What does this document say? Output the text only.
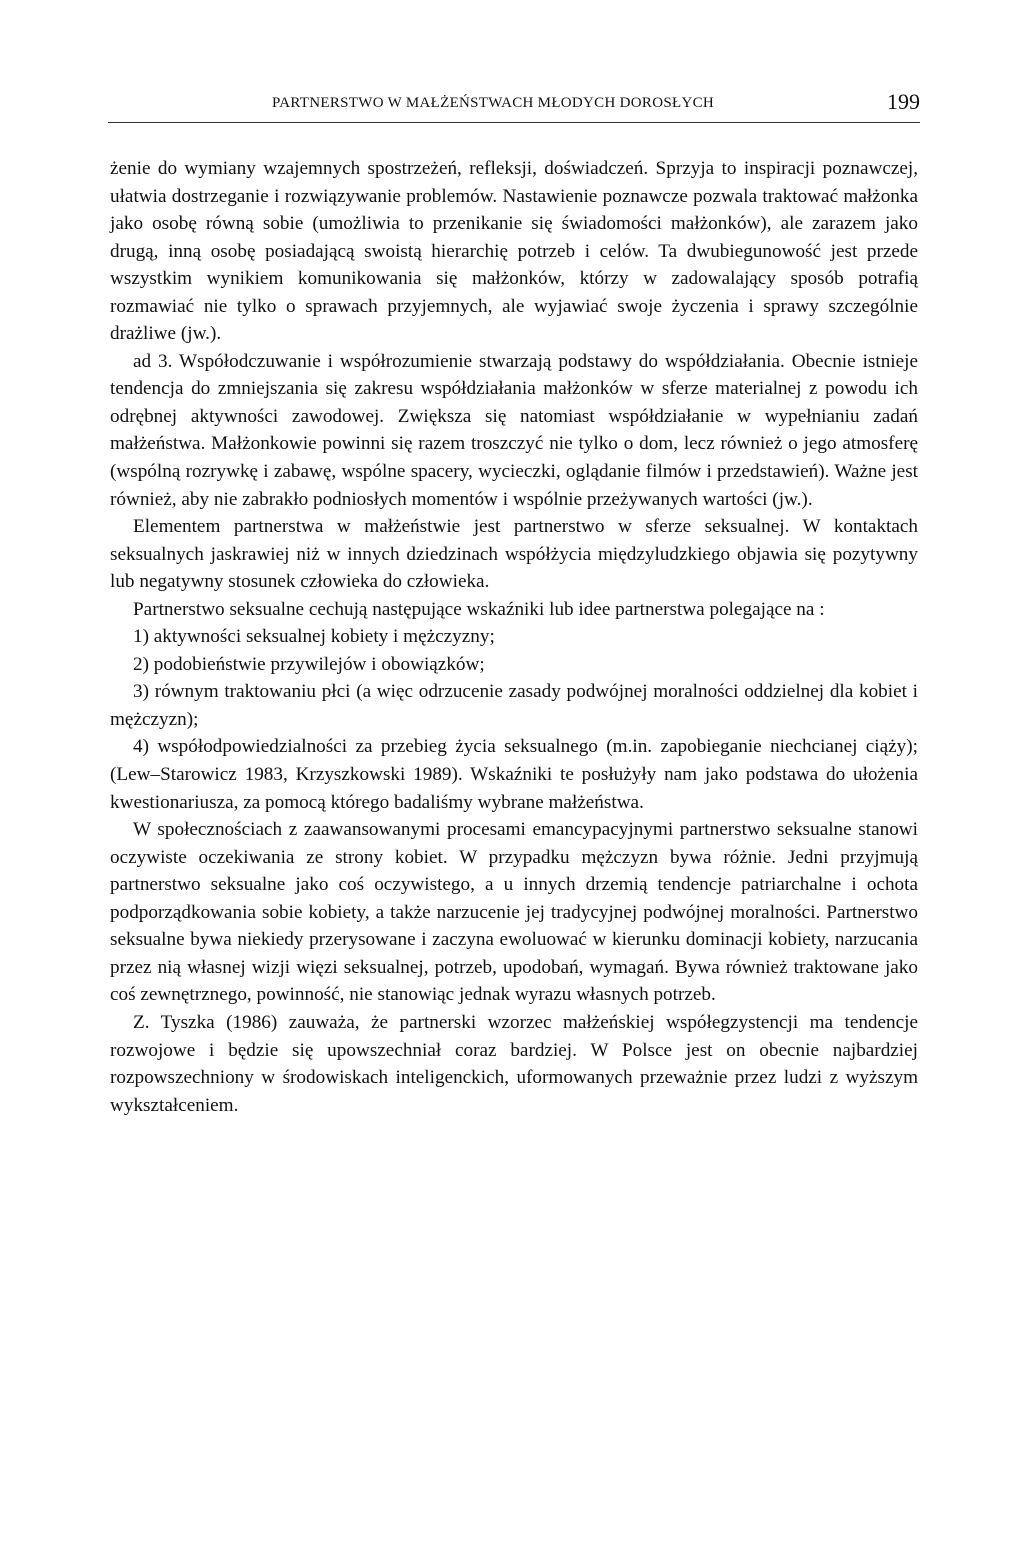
PARTNERSTWO W MAŁŻEŃSTWACH MŁODYCH DOROSŁYCH	199

żenie do wymiany wzajemnych spostrzeżeń, refleksji, doświadczeń. Sprzyja to inspiracji poznawczej, ułatwia dostrzeganie i rozwiązywanie problemów. Nastawienie poznawcze pozwala traktować małżonka jako osobę równą sobie (umożliwia to przenikanie się świadomości małżonków), ale zarazem jako drugą, inną osobę posiadającą swoistą hierarchię potrzeb i celów. Ta dwubiegunowość jest przede wszystkim wynikiem komunikowania się małżonków, którzy w zadowalający sposób potrafią rozmawiać nie tylko o sprawach przyjemnych, ale wyjawiać swoje życzenia i sprawy szczególnie drażliwe (jw.).

ad 3. Współodczuwanie i współrozumienie stwarzają podstawy do współdziałania. Obecnie istnieje tendencja do zmniejszania się zakresu współdziałania małżonków w sferze materialnej z powodu ich odrębnej aktywności zawodowej. Zwiększa się natomiast współdziałanie w wypełnianiu zadań małżeństwa. Małżonkowie powinni się razem troszczyć nie tylko o dom, lecz również o jego atmosferę (wspólną rozrywkę i zabawę, wspólne spacery, wycieczki, oglądanie filmów i przedstawień). Ważne jest również, aby nie zabrakło podniosłych momentów i wspólnie przeżywanych wartości (jw.).

Elementem partnerstwa w małżeństwie jest partnerstwo w sferze seksualnej. W kontaktach seksualnych jaskrawiej niż w innych dziedzinach współżycia międzyludzkiego objawia się pozytywny lub negatywny stosunek człowieka do człowieka.

Partnerstwo seksualne cechują następujące wskaźniki lub idee partnerstwa polegające na :

1) aktywności seksualnej kobiety i mężczyzny;

2) podobieństwie przywilejów i obowiązków;

3) równym traktowaniu płci (a więc odrzucenie zasady podwójnej moralności oddzielnej dla kobiet i mężczyzn);

4) współodpowiedzialności za przebieg życia seksualnego (m.in. zapobieganie niechcianej ciąży); (Lew–Starowicz 1983, Krzyszkowski 1989). Wskaźniki te posłużyły nam jako podstawa do ułożenia kwestionariusza, za pomocą którego badaliśmy wybrane małżeństwa.

W społecznościach z zaawansowanymi procesami emancypacyjnymi partnerstwo seksualne stanowi oczywiste oczekiwania ze strony kobiet. W przypadku mężczyzn bywa różnie. Jedni przyjmują partnerstwo seksualne jako coś oczywistego, a u innych drzemią tendencje patriarchalne i ochota podporządkowania sobie kobiety, a także narzucenie jej tradycyjnej podwójnej moralności. Partnerstwo seksualne bywa niekiedy przerysowane i zaczyna ewoluować w kierunku dominacji kobiety, narzucania przez nią własnej wizji więzi seksualnej, potrzeb, upodobań, wymagań. Bywa również traktowane jako coś zewnętrznego, powinność, nie stanowiąc jednak wyrazu własnych potrzeb.

Z. Tyszka (1986) zauważa, że partnerski wzorzec małżeńskiej współegzystencji ma tendencje rozwojowe i będzie się upowszechniał coraz bardziej. W Polsce jest on obecnie najbardziej rozpowszechniony w środowiskach inteligenckich, uformowanych przeważnie przez ludzi z wyższym wykształceniem.
